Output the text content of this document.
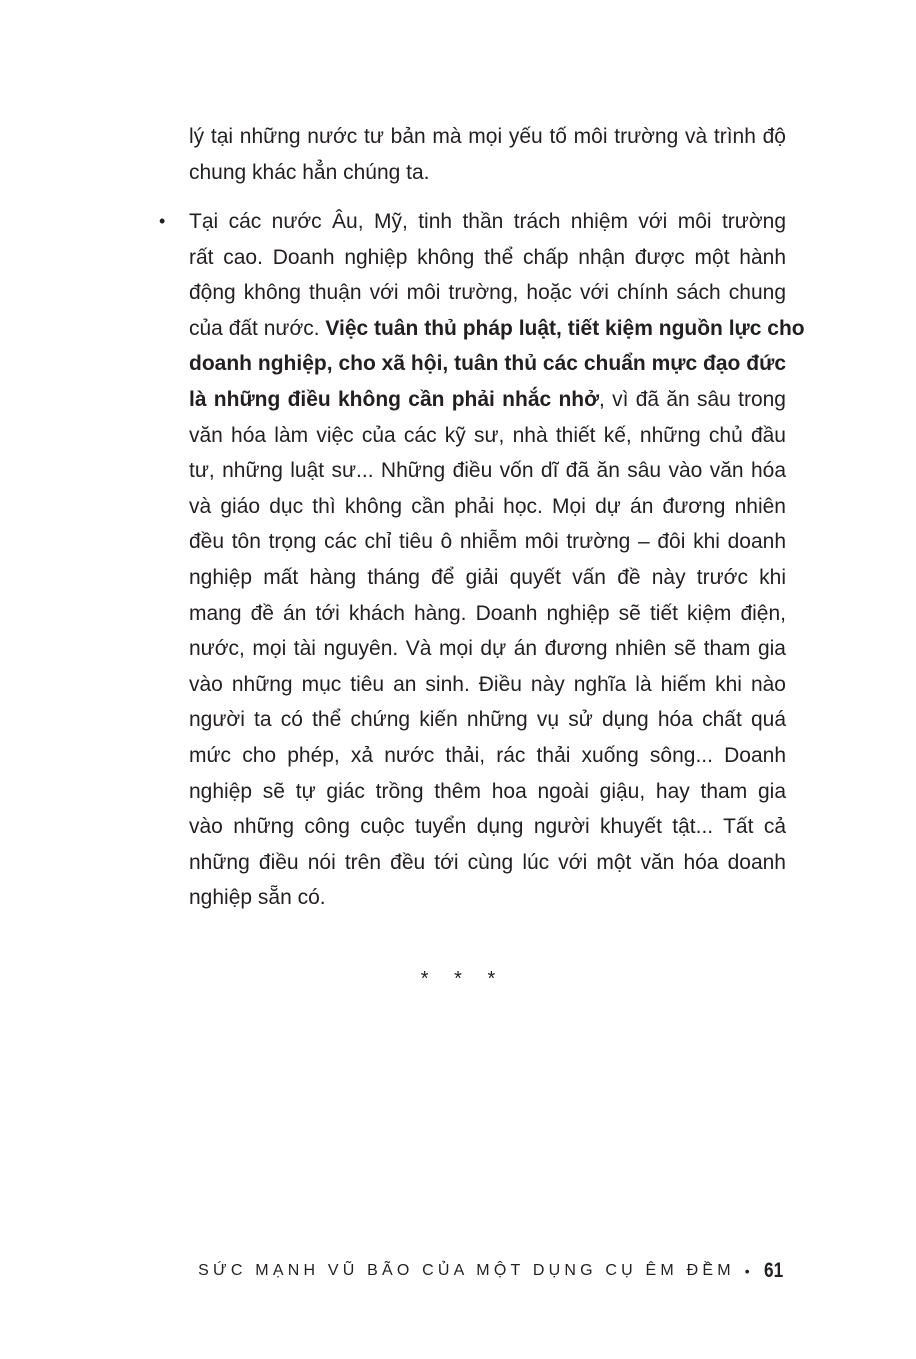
lý tại những nước tư bản mà mọi yếu tố môi trường và trình độ
chung khác hẳn chúng ta.
• Tại các nước Âu, Mỹ, tinh thần trách nhiệm với môi trường
rất cao. Doanh nghiệp không thể chấp nhận được một hành
động không thuận với môi trường, hoặc với chính sách chung
của đất nước. Việc tuân thủ pháp luật, tiết kiệm nguồn lực cho
doanh nghiệp, cho xã hội, tuân thủ các chuẩn mực đạo đức
là những điều không cần phải nhắc nhở, vì đã ăn sâu trong
văn hóa làm việc của các kỹ sư, nhà thiết kế, những chủ đầu
tư, những luật sư... Những điều vốn dĩ đã ăn sâu vào văn hóa
và giáo dục thì không cần phải học. Mọi dự án đương nhiên
đều tôn trọng các chỉ tiêu ô nhiễm môi trường – đôi khi doanh
nghiệp mất hàng tháng để giải quyết vấn đề này trước khi
mang đề án tới khách hàng. Doanh nghiệp sẽ tiết kiệm điện,
nước, mọi tài nguyên. Và mọi dự án đương nhiên sẽ tham gia
vào những mục tiêu an sinh. Điều này nghĩa là hiếm khi nào
người ta có thể chứng kiến những vụ sử dụng hóa chất quá
mức cho phép, xả nước thải, rác thải xuống sông... Doanh
nghiệp sẽ tự giác trồng thêm hoa ngoài giậu, hay tham gia
vào những công cuộc tuyển dụng người khuyết tật... Tất cả
những điều nói trên đều tới cùng lúc với một văn hóa doanh
nghiệp sẵn có.
* * *
SỨC MẠNH VŨ BÃO CỦA MỘT DỤNG CỤ ÊM ĐỀM • 61
